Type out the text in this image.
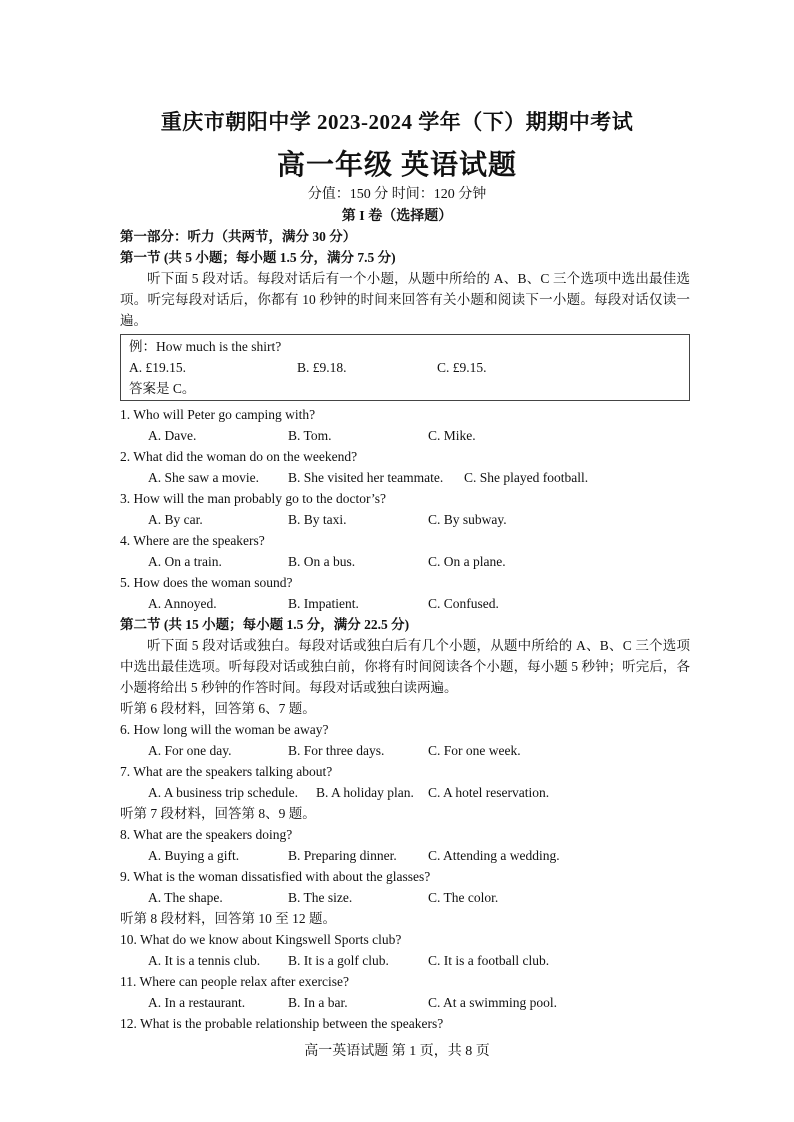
重庆市朝阳中学 2023-2024 学年（下）期期中考试
高一年级 英语试题
分值：150 分 时间：120 分钟
第 I 卷（选择题）
第一部分：听力（共两节，满分 30 分）
第一节 (共 5 小题；每小题 1.5 分，满分 7.5 分)
听下面 5 段对话。每段对话后有一个小题，从题中所给的 A、B、C 三个选项中选出最佳选项。听完每段对话后，你都有 10 秒钟的时间来回答有关小题和阅读下一小题。每段对话仅读一遍。
例：How much is the shirt?
A. £19.15.	B. £9.18.	C. £9.15.
答案是 C。
1. Who will Peter go camping with?
A. Dave.	B. Tom.	C. Mike.
2. What did the woman do on the weekend?
A. She saw a movie.	B. She visited her teammate.	C. She played football.
3. How will the man probably go to the doctor’s?
A. By car.	B. By taxi.	C. By subway.
4. Where are the speakers?
A. On a train.	B. On a bus.	C. On a plane.
5. How does the woman sound?
A. Annoyed.	B. Impatient.	C. Confused.
第二节 (共 15 小题；每小题 1.5 分，满分 22.5 分)
听下面 5 段对话或独白。每段对话或独白后有几个小题，从题中所给的 A、B、C 三个选项中选出最佳选项。听每段对话或独白前，你将有时间阅读各个小题，每小题 5 秒钟；听完后，各小题将给出 5 秒钟的作答时间。每段对话或独白读两遍。
听第 6 段材料，回答第 6、7 题。
6. How long will the woman be away?
A. For one day.	B. For three days.	C. For one week.
7. What are the speakers talking about?
A. A business trip schedule.	B. A holiday plan.	C. A hotel reservation.
听第 7 段材料，回答第 8、9 题。
8. What are the speakers doing?
A. Buying a gift.	B. Preparing dinner.	C. Attending a wedding.
9. What is the woman dissatisfied with about the glasses?
A. The shape.	B. The size.	C. The color.
听第 8 段材料，回答第 10 至 12 题。
10. What do we know about Kingswell Sports club?
A. It is a tennis club.	B. It is a golf club.	C. It is a football club.
11. Where can people relax after exercise?
A. In a restaurant.	B. In a bar.	C. At a swimming pool.
12. What is the probable relationship between the speakers?
高一英语试题 第 1 页，共 8 页
